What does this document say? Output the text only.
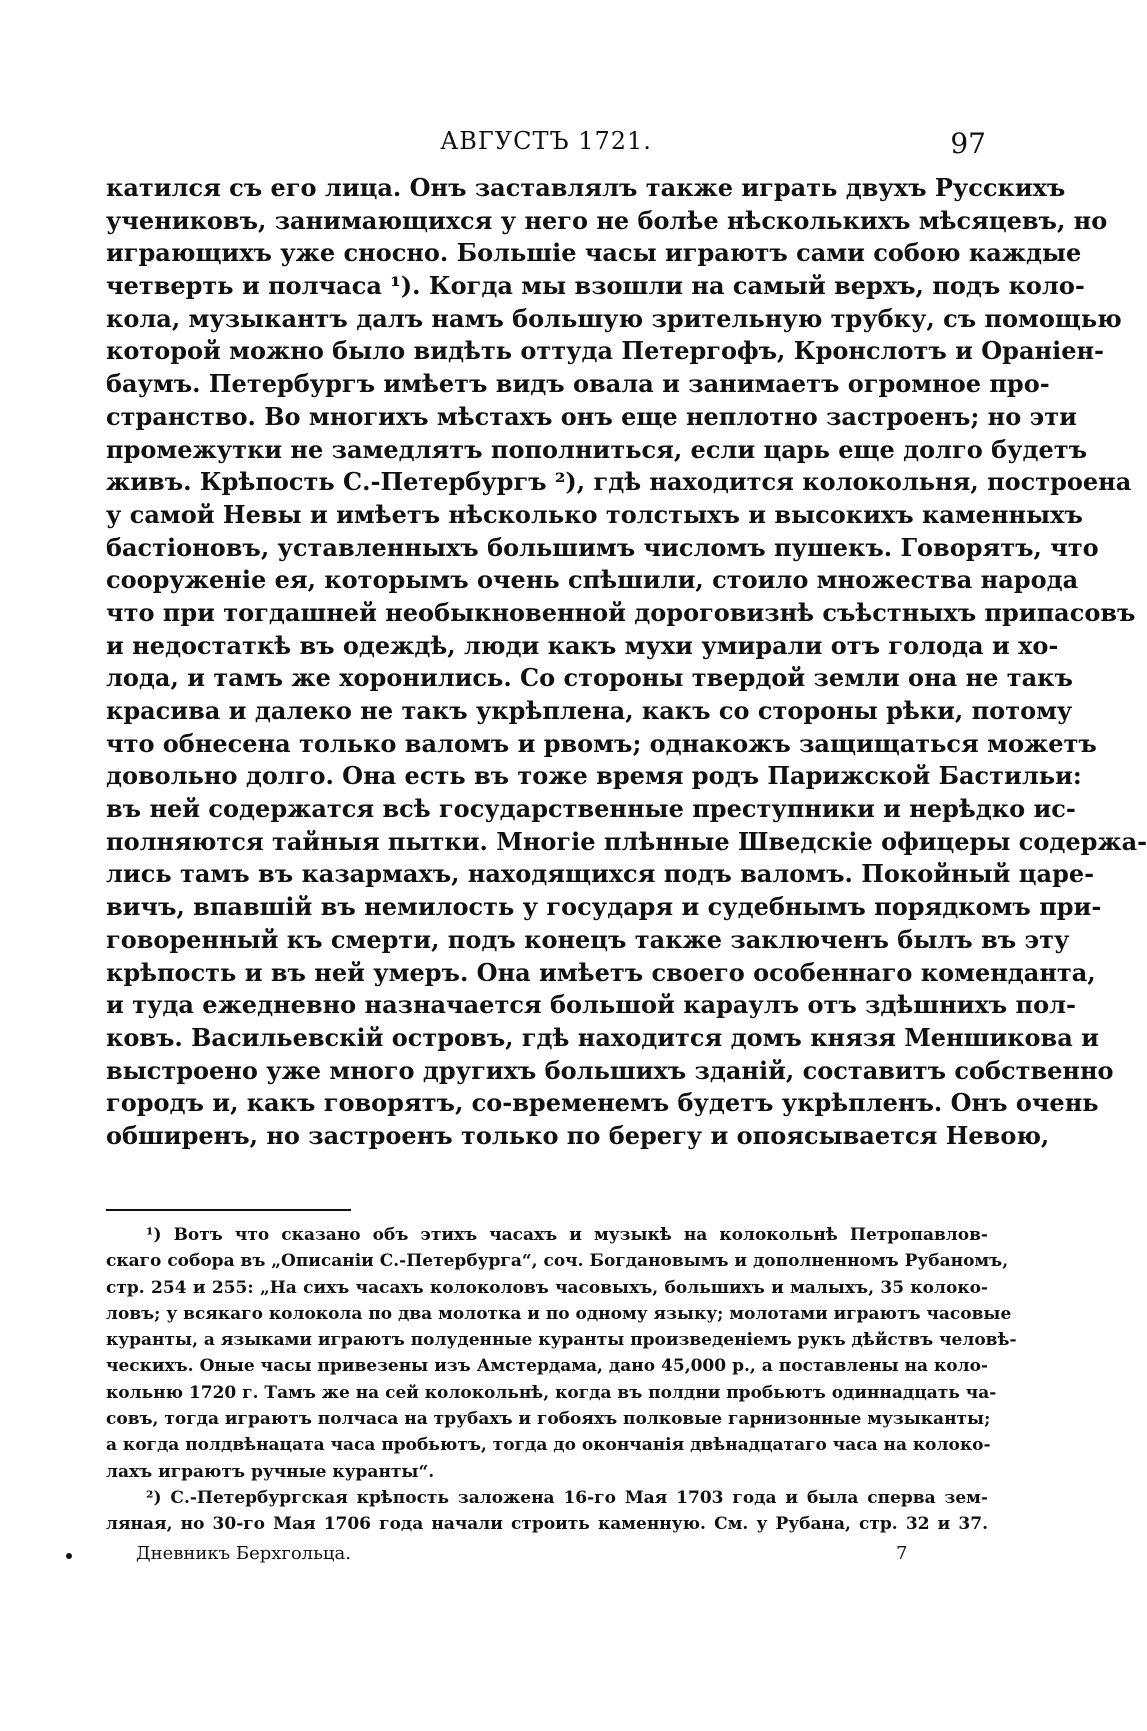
АВГУСТЪ 1721.	97
катился съ его лица. Онъ заставлялъ также играть двухъ Русскихъ
учениковъ, занимающихся у него не болѣе нѣсколькихъ мѣсяцевъ, но
играющихъ уже сносно. Большіе часы играютъ сами собою каждые
четверть и полчаса ¹). Когда мы взошли на самый верхъ, подъ коло-
кола, музыкантъ далъ намъ большую зрительную трубку, съ помощью
которой можно было видѣть оттуда Петергофъ, Кронслотъ и Ораніен-
баумъ. Петербургъ имѣетъ видъ овала и занимаетъ огромное про-
странство. Во многихъ мѣстахъ онъ еще неплотно застроенъ; но эти
промежутки не замедлятъ пополниться, если царь еще долго будетъ
живъ. Крѣпость С.-Петербургъ ²), гдѣ находится колокольня, построена
у самой Невы и имѣетъ нѣсколько толстыхъ и высокихъ каменныхъ
бастіоновъ, уставленныхъ большимъ числомъ пушекъ. Говорятъ, что
сооруженіе ея, которымъ очень спѣшили, стоило множества народа
что при тогдашней необыкновенной дороговизнѣ съѣстныхъ припасовъ
и недостаткѣ въ одеждѣ, люди какъ мухи умирали отъ голода и хо-
лода, и тамъ же хоронились. Со стороны твердой земли она не такъ
красива и далеко не такъ укрѣплена, какъ со стороны рѣки, потому
что обнесена только валомъ и рвомъ; однакожъ защищаться можетъ
довольно долго. Она есть въ тоже время родъ Парижской Бастильи:
въ ней содержатся всѣ государственные преступники и нерѣдко ис-
полняются тайныя пытки. Многіе плѣнные Шведскіе офицеры содержа-
лись тамъ въ казармахъ, находящихся подъ валомъ. Покойный царе-
вичъ, впавшій въ немилость у государя и судебнымъ порядкомъ при-
говоренный къ смерти, подъ конецъ также заключенъ былъ въ эту
крѣпость и въ ней умеръ. Она имѣетъ своего особеннаго коменданта,
и туда ежедневно назначается большой караулъ отъ здѣшнихъ пол-
ковъ. Васильевскій островъ, гдѣ находится домъ князя Меншикова и
выстроено уже много другихъ большихъ зданій, составитъ собственно
городъ и, какъ говорятъ, со-временемъ будетъ укрѣпленъ. Онъ очень
обширенъ, но застроенъ только по берегу и опоясывается Невою,
¹) Вотъ что сказано объ этихъ часахъ и музыкѣ на колокольнѣ Петропавлов-
скаго собора въ „Описаніи С.-Петербурга“, соч. Богдановымъ и дополненномъ Рубаномъ,
стр. 254 и 255: „На сихъ часахъ колоколовъ часовыхъ, большихъ и малыхъ, 35 колоко-
ловъ; у всякаго колокола по два молотка и по одному языку; молотами играютъ часовые
куранты, а языками играютъ полуденные куранты произведеніемъ рукъ дѣйствъ человѣ-
ческихъ. Оные часы привезены изъ Амстердама, дано 45,000 р., а поставлены на коло-
кольню 1720 г. Тамъ же на сей колокольнѣ, когда въ полдни пробьютъ одиннадцать ча-
совъ, тогда играютъ полчаса на трубахъ и гобояхъ полковые гарнизонные музыканты;
а когда полдвѣнацата часа пробьютъ, тогда до окончанія двѣнадцатаго часа на колоко-
лахъ играютъ ручные куранты“.
²) С.-Петербургская крѣпость заложена 16-го Мая 1703 года и была сперва зем-
ляная, но 30-го Мая 1706 года начали строить каменную. См. у Рубана, стр. 32 и 37.
Дневникъ Берхгольца.	7
